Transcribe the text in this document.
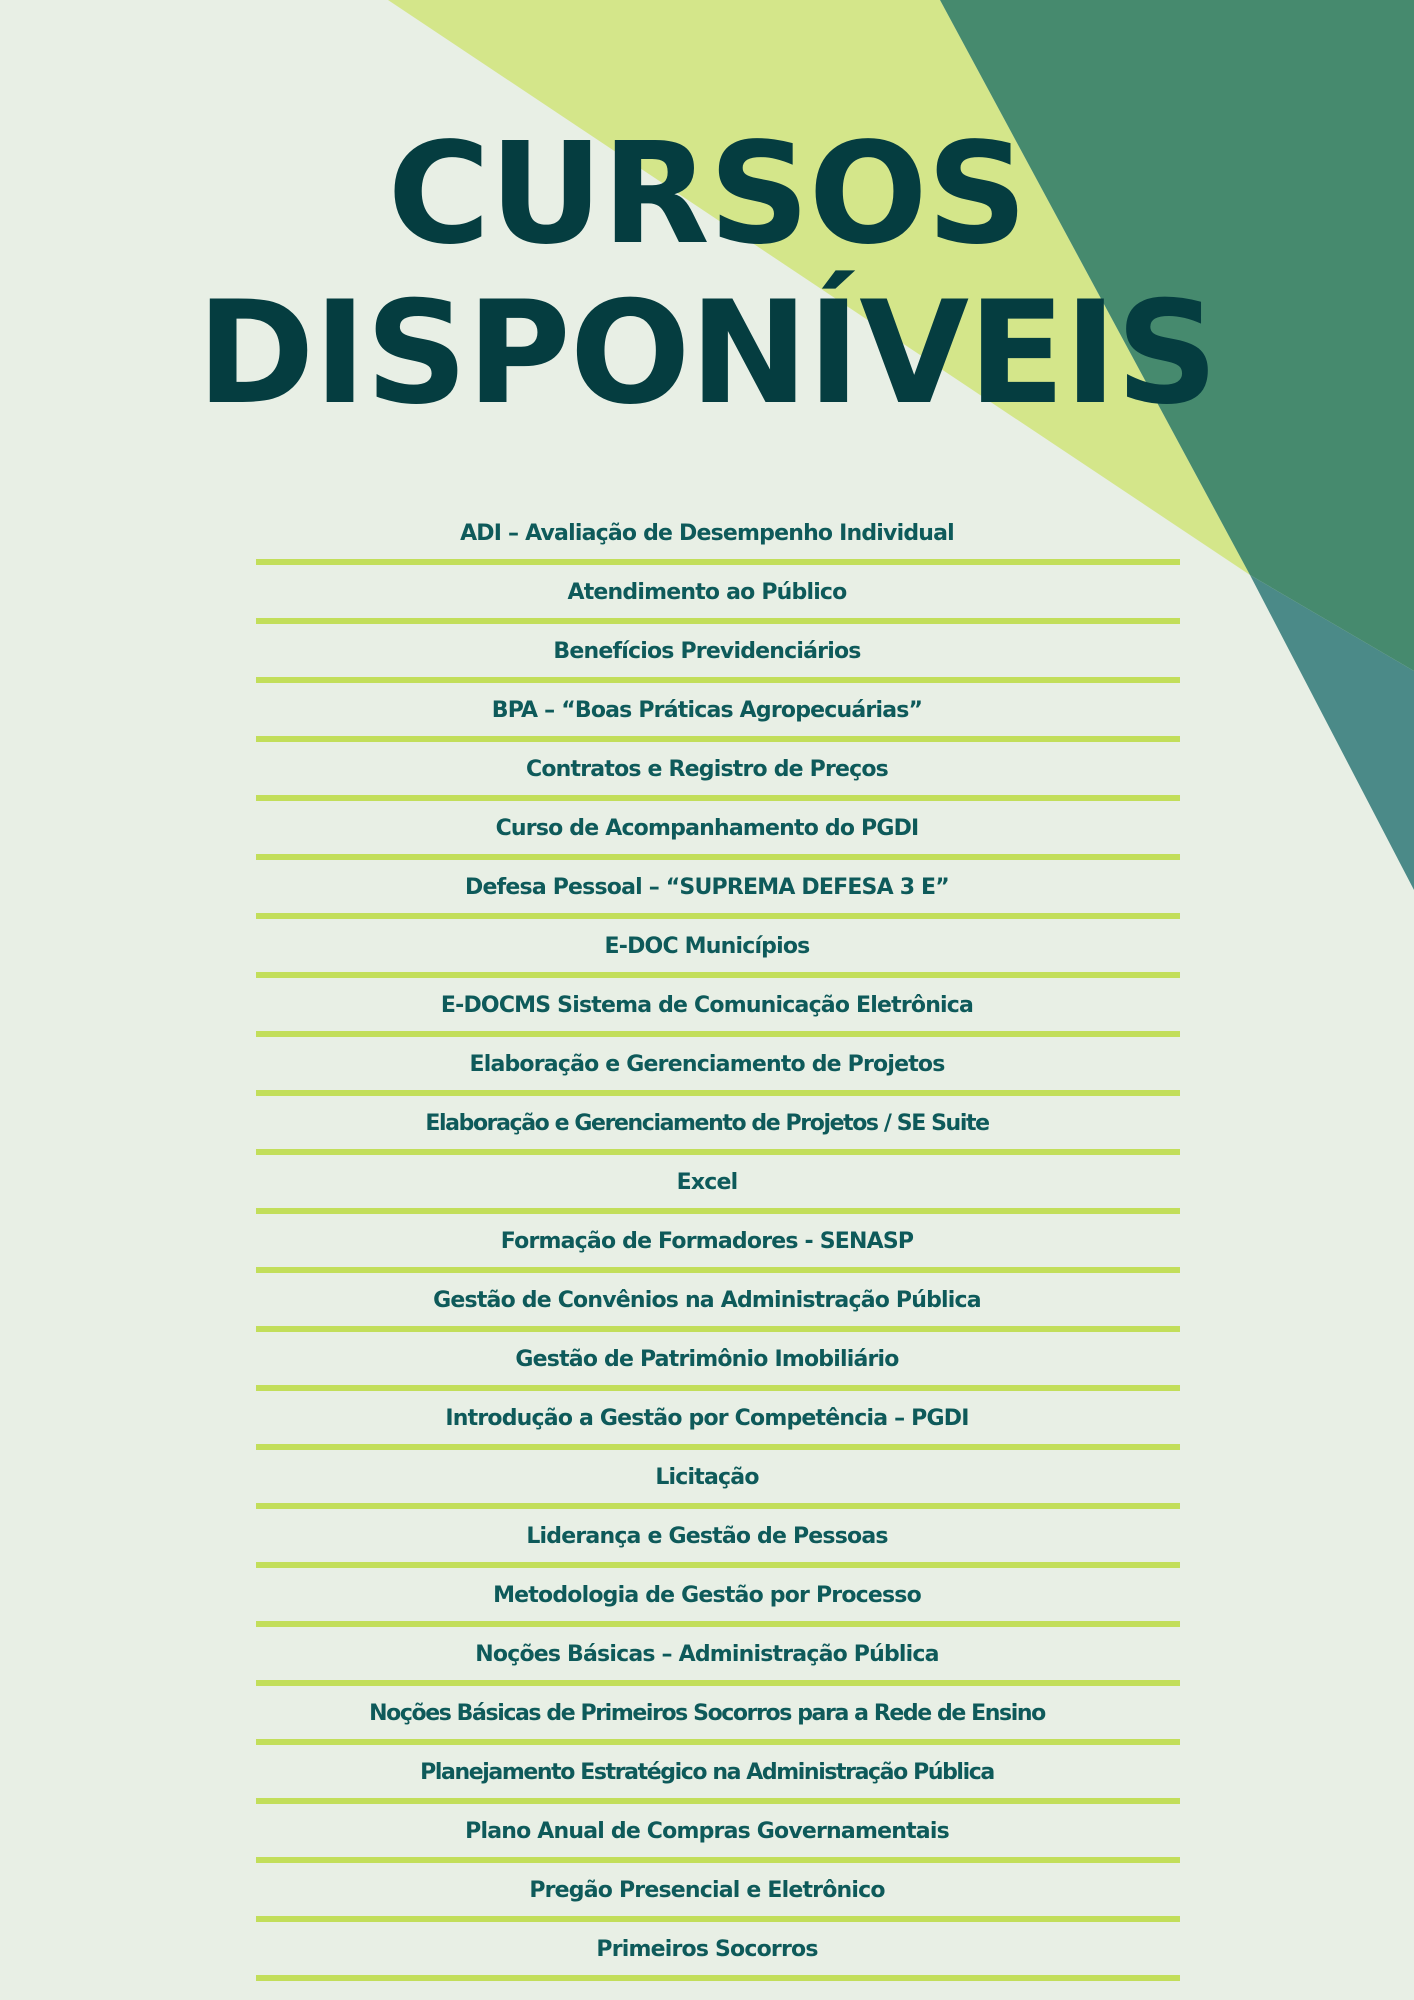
CURSOS
DISPONÍVEIS
ADI – Avaliação de Desempenho Individual
Atendimento ao Público
Benefícios Previdenciários
BPA – “Boas Práticas Agropecuárias”
Contratos e Registro de Preços
Curso de Acompanhamento do PGDI
Defesa Pessoal – “SUPREMA DEFESA 3 E”
E-DOC Municípios
E-DOCMS Sistema de Comunicação Eletrônica
Elaboração e Gerenciamento de Projetos
Elaboração e Gerenciamento de Projetos / SE Suite
Excel
Formação de Formadores - SENASP
Gestão de Convênios na Administração Pública
Gestão de Patrimônio Imobiliário
Introdução a Gestão por Competência – PGDI
Licitação
Liderança e Gestão de Pessoas
Metodologia de Gestão por Processo
Noções Básicas – Administração Pública
Noções Básicas de Primeiros Socorros para a Rede de Ensino
Planejamento Estratégico na Administração Pública
Plano Anual de Compras Governamentais
Pregão Presencial e Eletrônico
Primeiros Socorros
